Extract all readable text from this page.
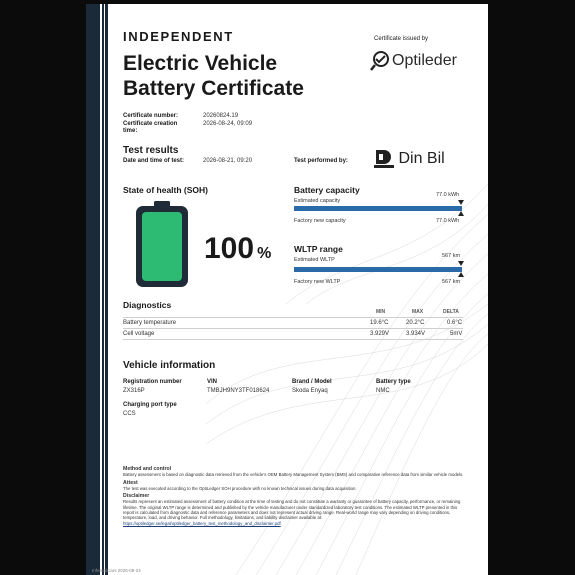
INDEPENDENT
Electric Vehicle Battery Certificate
Certificate issued by
Optileder
Certificate number:	20260824.19
Certificate creation time:
2026-08-24, 09:09
Test results
Date and time of test:	2026-08-21, 09:20	Test performed by:	Din Bil
State of health (SOH)
100 %
Battery capacity
Estimated capacity
77.0 kWh
Factory new capacity	77.0 kWh
WLTP range
Estimated WLTP
567 km
Factory new WLTP	567 km
Diagnostics
MIN	MAX	DELTA
Battery temperature	19.6°C	20.2°C	0.6°C
Cell voltage	3.929V	3.934V	5mV
Vehicle information
Registration number
ZX316P
VIN
TMBJH9NY3TF018624
Brand / Model
Skoda Enyaq
Battery type
NMC
Charging port type
CCS
Method and control
Battery assessment is based on diagnostic data retrieved from the vehicle's OEM Battery Management System (BMS) and comparative reference data from similar vehicle models.
Attest
The test was executed according to the OptiLedger SOH procedure with no known technical issues during data acquisition.
Disclaimer
Results represent an estimated assessment of battery condition at the time of testing and do not constitute a warranty or guarantee of battery capacity, performance, or remaining lifetime. The original WLTP range is determined and published by the vehicle manufacturer under standardized laboratory test conditions. The estimated WLTP presented in this report is calculated from diagnostic data and reference parameters and does not represent actual driving range. Real-world range may vary depending on driving conditions, temperature, load, and driving behavior. Full methodology, limitations, and liability disclaimer available at: https://optiledger.se/legal/optiledger_battery_test_methodology_and_disclaimer.pdf
InfernalCars 2026-08-24
